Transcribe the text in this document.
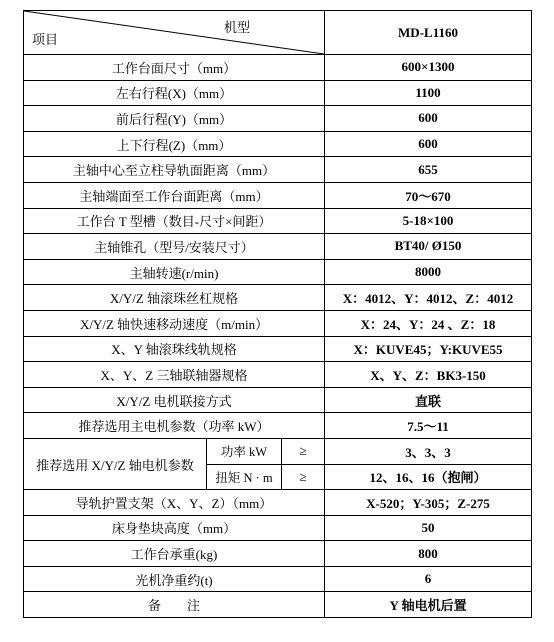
机型
项目			MD-L1160
工作台面尺寸（mm）			600×1300
左右行程(X)（mm）			1100
前后行程(Y)（mm）			600
上下行程(Z)（mm）			600
主轴中心至立柱导轨面距离（mm）			655
主轴端面至工作台面距离（mm）			70～670
工作台 T 型槽（数目-尺寸×间距）			5-18×100
主轴锥孔（型号/安装尺寸）			BT40/ Ø150
主轴转速(r/min)			8000
X/Y/Z 轴滚珠丝杠规格			X：4012、Y：4012、Z：4012
X/Y/Z 轴快速移动速度（m/min）			X：24、Y：24 、Z：18
X、Y 轴滚珠线轨规格			X：KUVE45；Y:KUVE55
X、Y、Z 三轴联轴器规格			X、Y、Z：BK3-150
X/Y/Z 电机联接方式			直联
推荐选用主电机参数（功率 kW）			7.5～11
推荐选用 X/Y/Z 轴电机参数	功率 kW	≥	3、3、3
	扭矩 N · m	≥	12、16、16（抱闸）
导轨护置支架（X、Y、Z）（mm）			X-520；Y-305；Z-275
床身垫块高度（mm）			50
工作台承重(kg)			800
光机净重约(t)			6
备　　注			Y 轴电机后置
